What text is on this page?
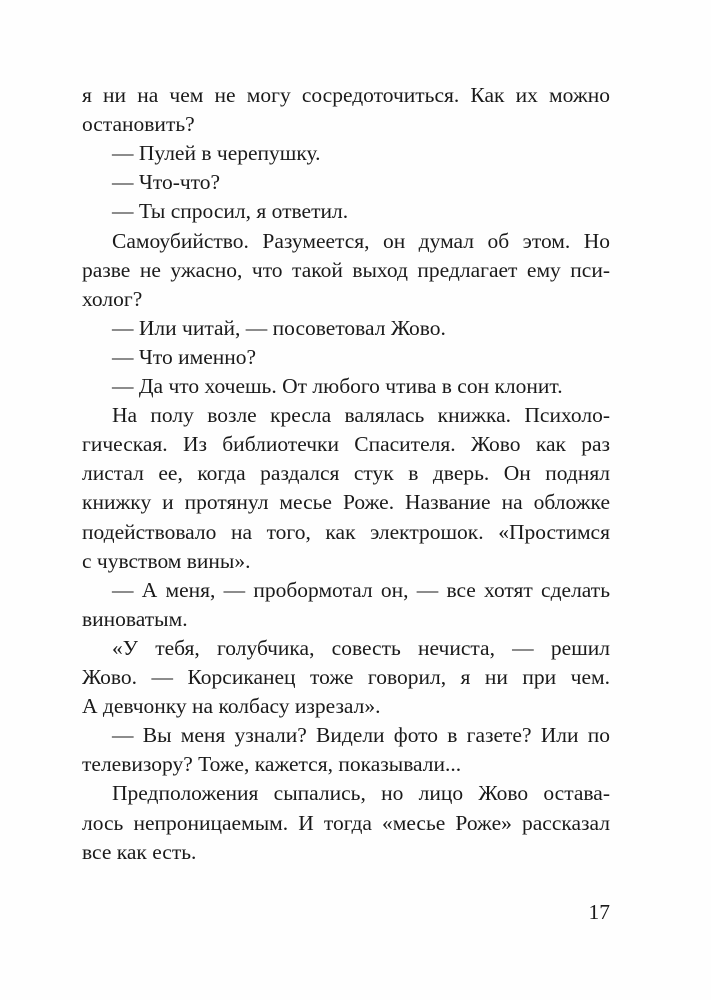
я ни на чем не могу сосредоточиться. Как их можно
остановить?
— Пулей в черепушку.
— Что-что?
— Ты спросил, я ответил.
Самоубийство. Разумеется, он думал об этом. Но
разве не ужасно, что такой выход предлагает ему пси-
холог?
— Или читай, — посоветовал Жово.
— Что именно?
— Да что хочешь. От любого чтива в сон клонит.
На полу возле кресла валялась книжка. Психоло-
гическая. Из библиотечки Спасителя. Жово как раз
листал ее, когда раздался стук в дверь. Он поднял
книжку и протянул месье Роже. Название на обложке
подействовало на того, как электрошок. «Простимся
с чувством вины».
— А меня, — пробормотал он, — все хотят сделать
виноватым.
«У тебя, голубчика, совесть нечиста, — решил
Жово. — Корсиканец тоже говорил, я ни при чем.
А девчонку на колбасу изрезал».
— Вы меня узнали? Видели фото в газете? Или по
телевизору? Тоже, кажется, показывали...
Предположения сыпались, но лицо Жово остава-
лось непроницаемым. И тогда «месье Роже» рассказал
все как есть.
17
